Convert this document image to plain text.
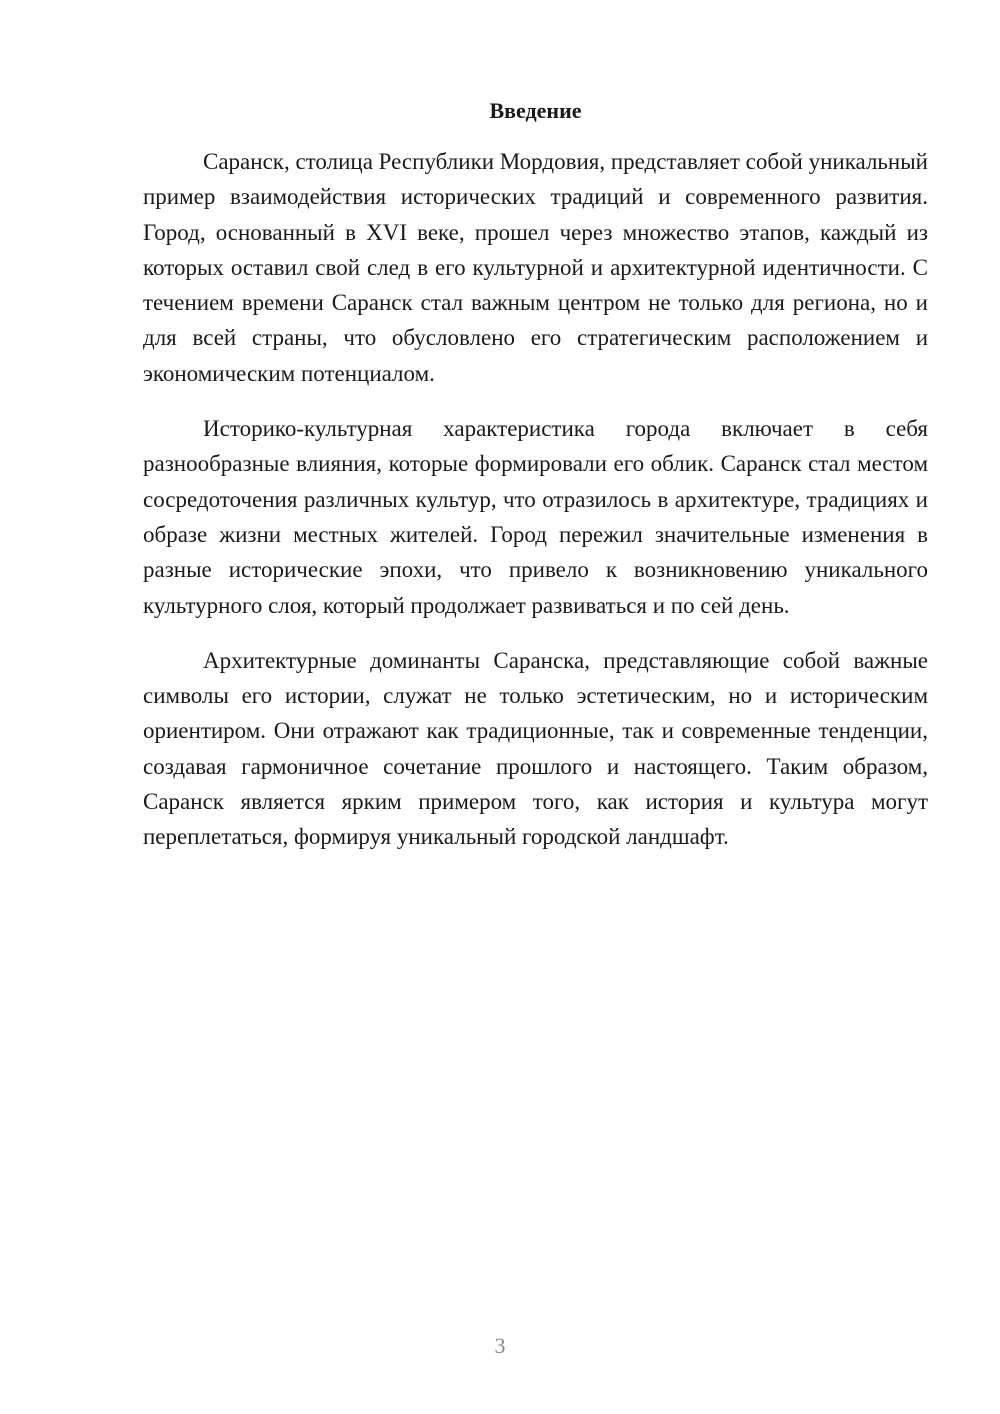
Введение

Саранск, столица Республики Мордовия, представляет собой уникальный пример взаимодействия исторических традиций и современного развития. Город, основанный в XVI веке, прошел через множество этапов, каждый из которых оставил свой след в его культурной и архитектурной идентичности. С течением времени Саранск стал важным центром не только для региона, но и для всей страны, что обусловлено его стратегическим расположением и экономическим потенциалом.

Историко-культурная характеристика города включает в себя разнообразные влияния, которые формировали его облик. Саранск стал местом сосредоточения различных культур, что отразилось в архитектуре, традициях и образе жизни местных жителей. Город пережил значительные изменения в разные исторические эпохи, что привело к возникновению уникального культурного слоя, который продолжает развиваться и по сей день.

Архитектурные доминанты Саранска, представляющие собой важные символы его истории, служат не только эстетическим, но и историческим ориентиром. Они отражают как традиционные, так и современные тенденции, создавая гармоничное сочетание прошлого и настоящего. Таким образом, Саранск является ярким примером того, как история и культура могут переплетаться, формируя уникальный городской ландшафт.

3
